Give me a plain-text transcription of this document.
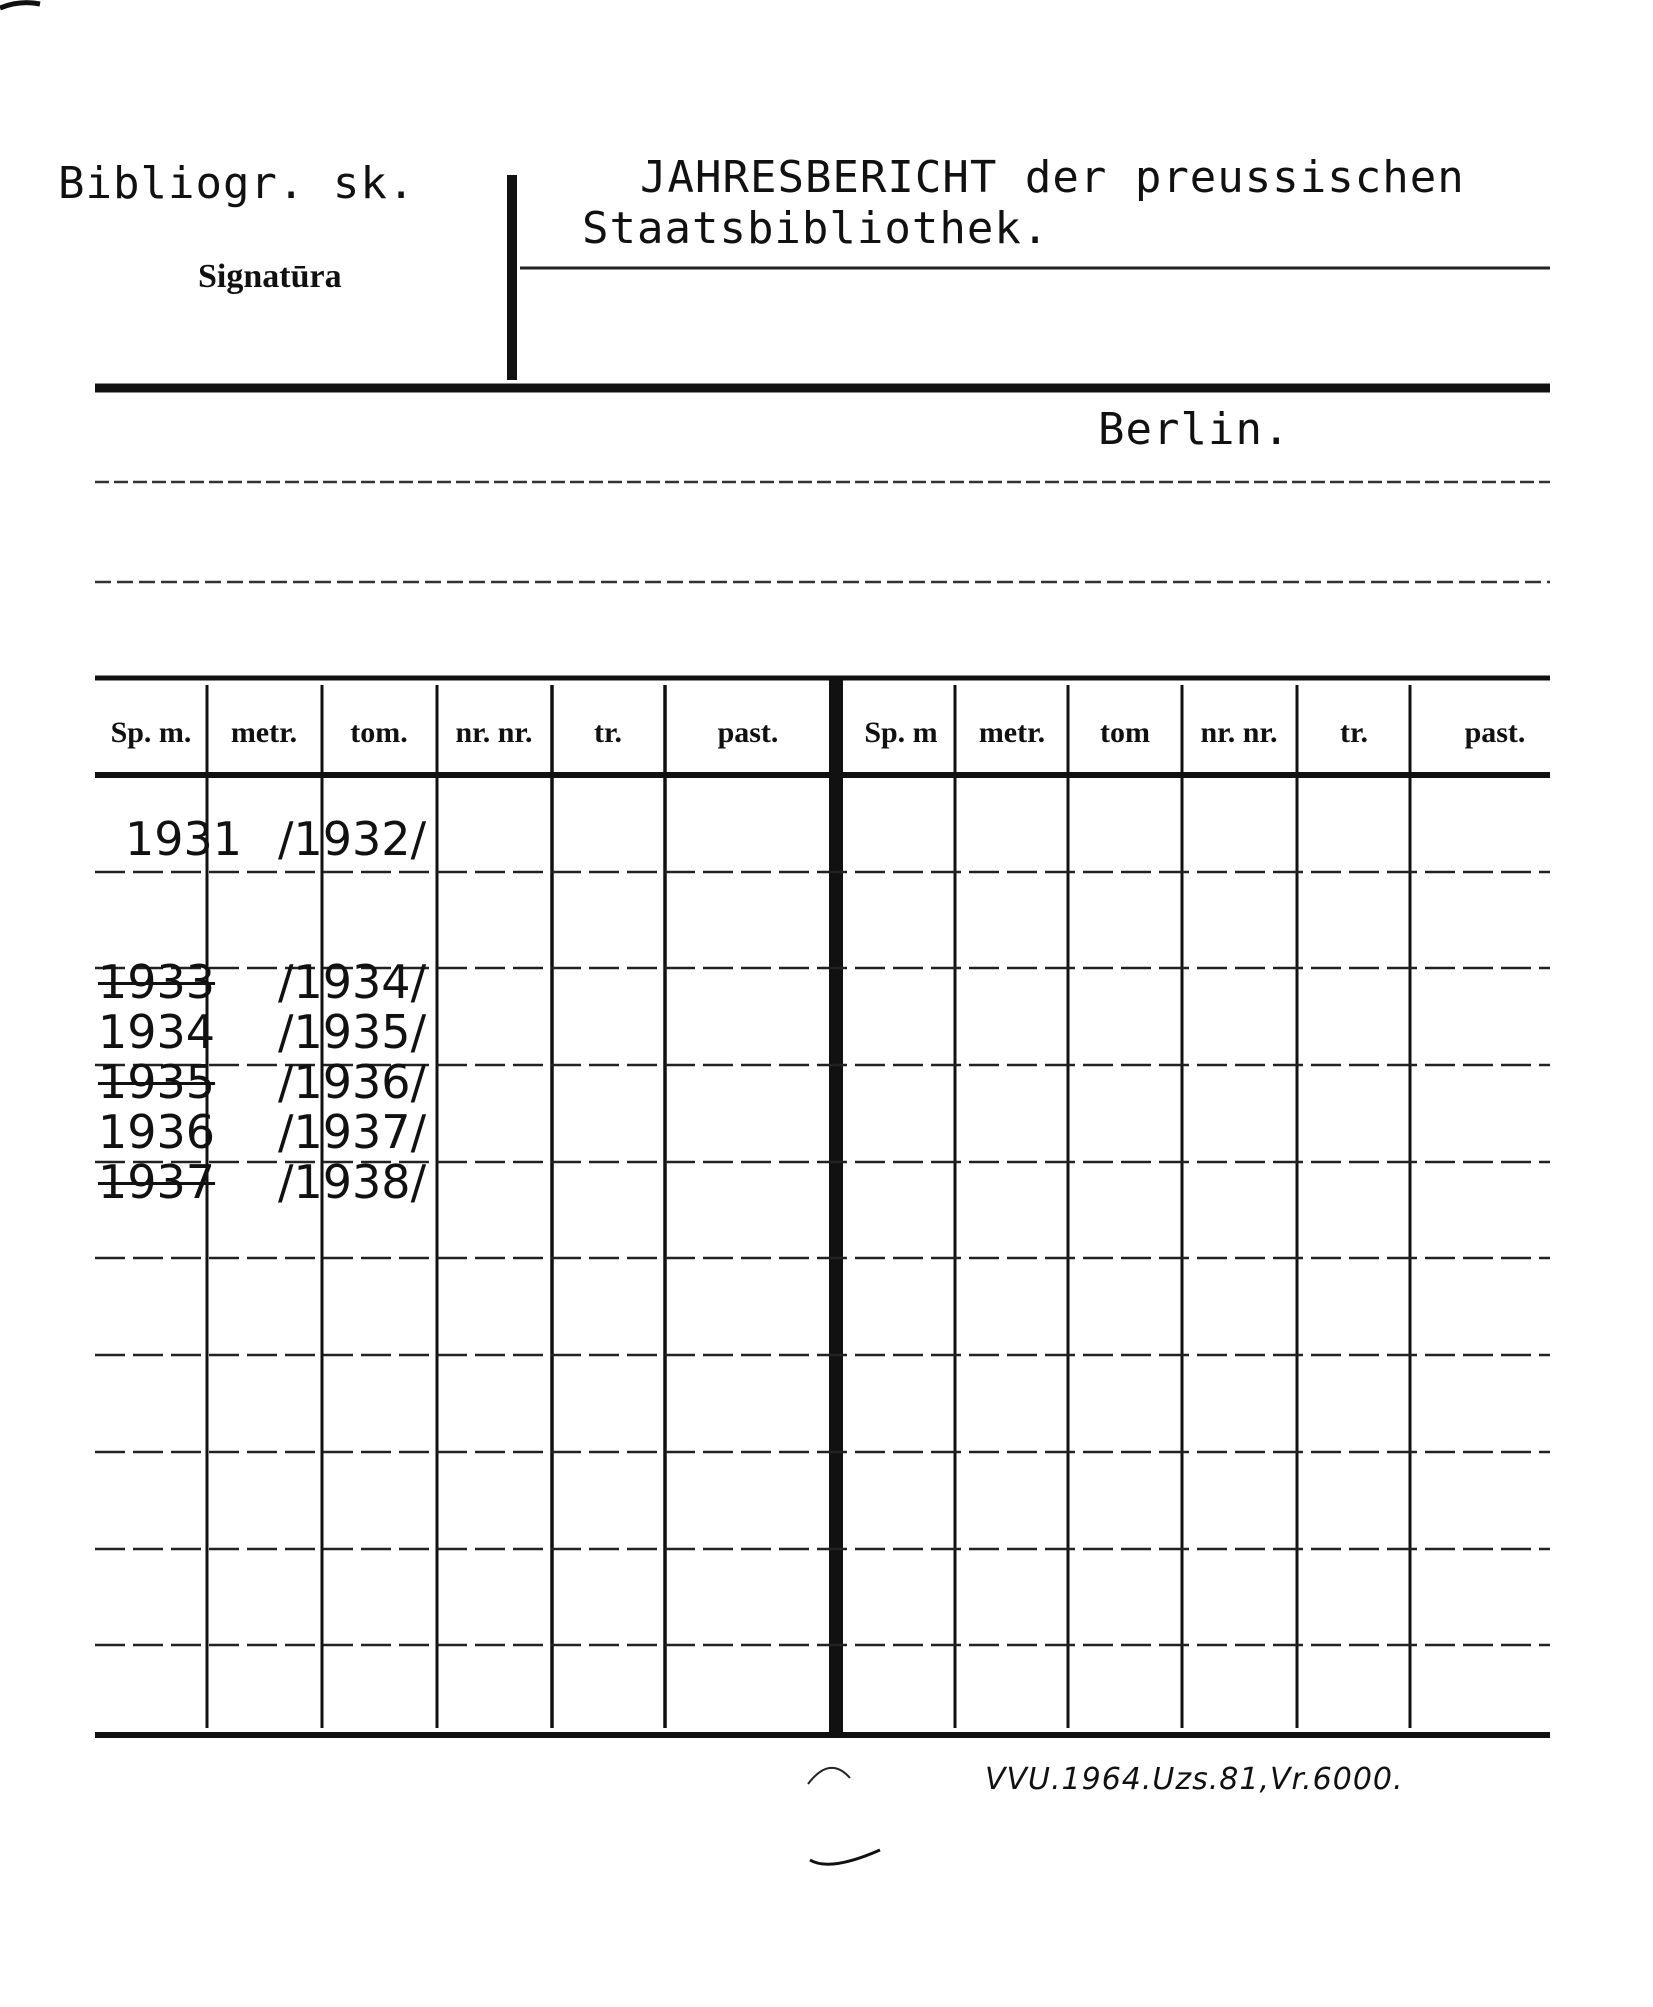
Bibliogr. sk.
Signatūra
JAHRESBERICHT der preussischen
Staatsbibliothek.
Berlin.
Sp. m.	metr.	tom.	nr. nr.	tr.	past.	Sp. m	metr.	tom	nr. nr.	tr.	past.
1931 /1932/
1933 /1934/
1934 /1935/
1935 /1936/
1936 /1937/
1937 /1938/
VVU.1964.Uzs.81,Vr.6000.
